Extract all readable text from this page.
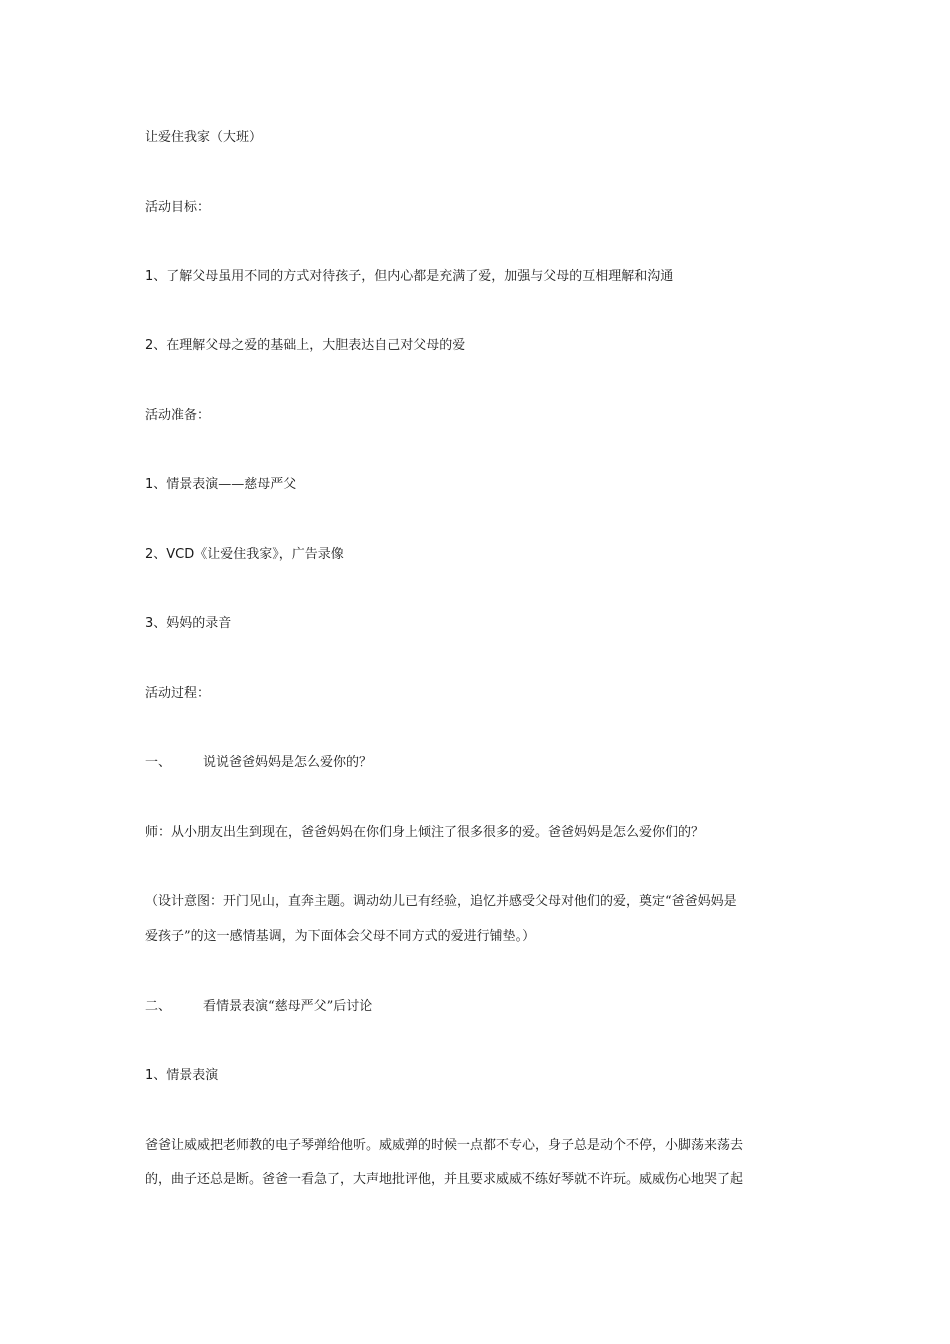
让爱住我家（大班）
活动目标：
1、了解父母虽用不同的方式对待孩子，但内心都是充满了爱，加强与父母的互相理解和沟通
2、在理解父母之爱的基础上，大胆表达自己对父母的爱
活动准备：
1、情景表演——慈母严父
2、VCD《让爱住我家》，广告录像
3、妈妈的录音
活动过程：
一、 说说爸爸妈妈是怎么爱你的？
师：从小朋友出生到现在，爸爸妈妈在你们身上倾注了很多很多的爱。爸爸妈妈是怎么爱你们的？
（设计意图：开门见山，直奔主题。调动幼儿已有经验，追忆并感受父母对他们的爱，奠定“爸爸妈妈是
爱孩子”的这一感情基调，为下面体会父母不同方式的爱进行铺垫。）
二、 看情景表演“慈母严父”后讨论
1、情景表演
爸爸让威威把老师教的电子琴弹给他听。威威弹的时候一点都不专心，身子总是动个不停，小脚荡来荡去
的，曲子还总是断。爸爸一看急了，大声地批评他，并且要求威威不练好琴就不许玩。威威伤心地哭了起
